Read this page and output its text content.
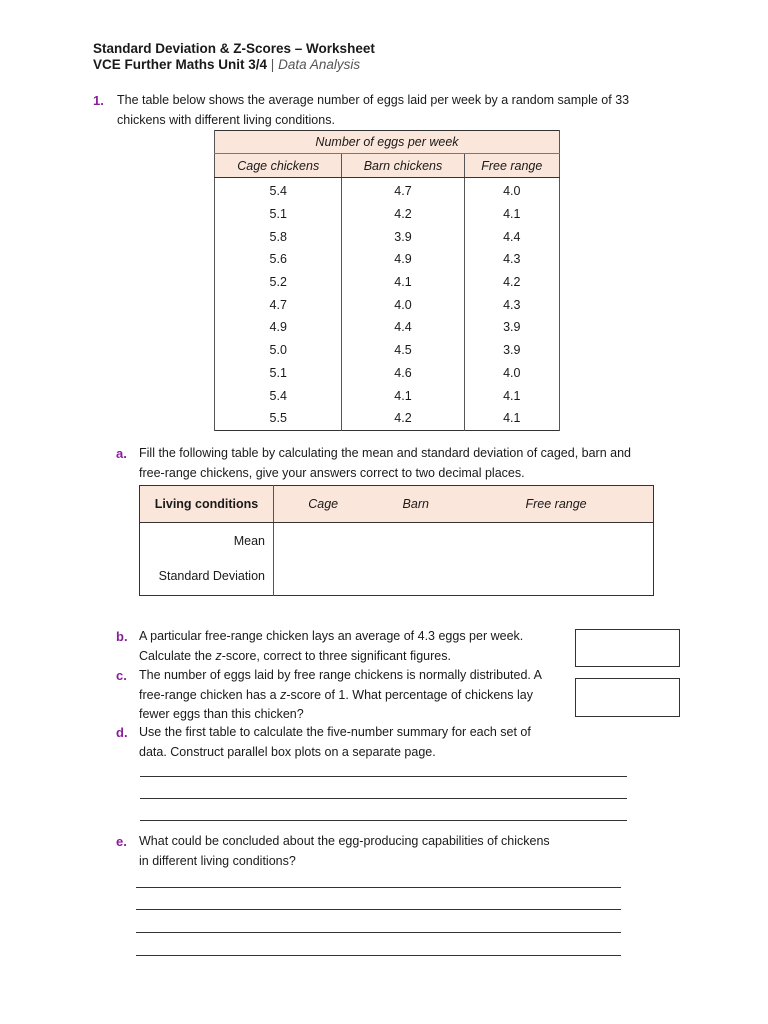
Standard Deviation & Z-Scores – Worksheet
VCE Further Maths Unit 3/4 | Data Analysis
1. The table below shows the average number of eggs laid per week by a random sample of 33
chickens with different living conditions.
Number of eggs per week		
Cage chickens	Barn chickens	Free range
5.4	4.7	4.0
5.1	4.2	4.1
5.8	3.9	4.4
5.6	4.9	4.3
5.2	4.1	4.2
4.7	4.0	4.3
4.9	4.4	3.9
5.0	4.5	3.9
5.1	4.6	4.0
5.4	4.1	4.1
5.5	4.2	4.1
a. Fill the following table by calculating the mean and standard deviation of caged, barn and
free-range chickens, give your answers correct to two decimal places.
Living conditions	Cage	Barn	Free range

Mean
Standard Deviation			

b. A particular free-range chicken lays an average of 4.3 eggs per week.
Calculate the z-score, correct to three significant figures.
c. The number of eggs laid by free range chickens is normally distributed. A
free-range chicken has a z-score of 1. What percentage of chickens lay
fewer eggs than this chicken?
d. Use the first table to calculate the five-number summary for each set of
data. Construct parallel box plots on a separate page.
e. What could be concluded about the egg-producing capabilities of chickens
in different living conditions?
